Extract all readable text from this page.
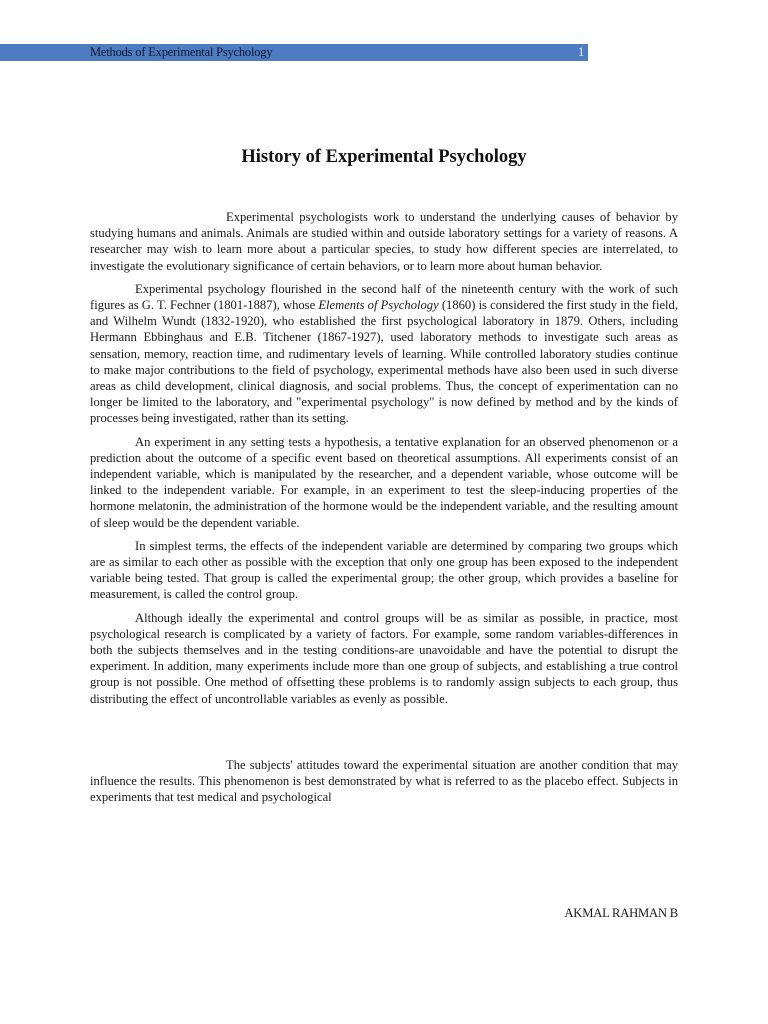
Methods of Experimental Psychology	1
History of Experimental Psychology

Experimental psychologists work to understand the underlying causes of behavior by studying humans and animals. Animals are studied within and outside laboratory settings for a variety of reasons. A researcher may wish to learn more about a particular species, to study how different species are interrelated, to investigate the evolutionary significance of certain behaviors, or to learn more about human behavior.

Experimental psychology flourished in the second half of the nineteenth century with the work of such figures as G. T. Fechner (1801-1887), whose Elements of Psychology (1860) is considered the first study in the field, and Wilhelm Wundt (1832-1920), who established the first psychological laboratory in 1879. Others, including Hermann Ebbinghaus and E.B. Titchener (1867-1927), used laboratory methods to investigate such areas as sensation, memory, reaction time, and rudimentary levels of learning. While controlled laboratory studies continue to make major contributions to the field of psychology, experimental methods have also been used in such diverse areas as child development, clinical diagnosis, and social problems. Thus, the concept of experimentation can no longer be limited to the laboratory, and "experimental psychology" is now defined by method and by the kinds of processes being investigated, rather than its setting.

An experiment in any setting tests a hypothesis, a tentative explanation for an observed phenomenon or a prediction about the outcome of a specific event based on theoretical assumptions. All experiments consist of an independent variable, which is manipulated by the researcher, and a dependent variable, whose outcome will be linked to the independent variable. For example, in an experiment to test the sleep-inducing properties of the hormone melatonin, the administration of the hormone would be the independent variable, and the resulting amount of sleep would be the dependent variable.

In simplest terms, the effects of the independent variable are determined by comparing two groups which are as similar to each other as possible with the exception that only one group has been exposed to the independent variable being tested. That group is called the experimental group; the other group, which provides a baseline for measurement, is called the control group.

Although ideally the experimental and control groups will be as similar as possible, in practice, most psychological research is complicated by a variety of factors. For example, some random variables-differences in both the subjects themselves and in the testing conditions-are unavoidable and have the potential to disrupt the experiment. In addition, many experiments include more than one group of subjects, and establishing a true control group is not possible. One method of offsetting these problems is to randomly assign subjects to each group, thus distributing the effect of uncontrollable variables as evenly as possible.

The subjects' attitudes toward the experimental situation are another condition that may influence the results. This phenomenon is best demonstrated by what is referred to as the placebo effect. Subjects in experiments that test medical and psychological

AKMAL RAHMAN B
